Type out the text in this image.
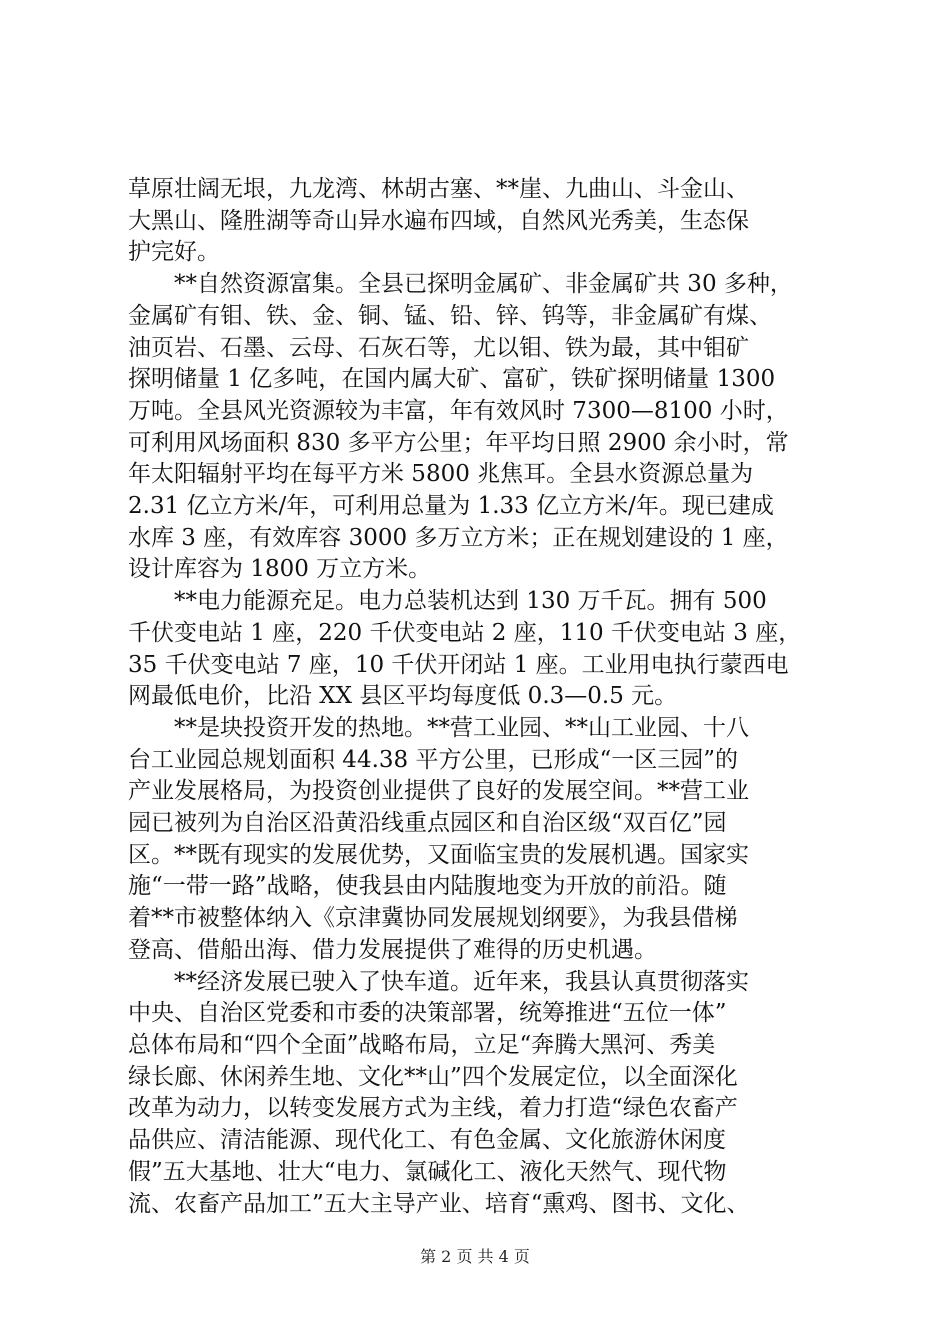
草原壮阔无垠，九龙湾、林胡古塞、**崖、九曲山、斗金山、
大黑山、隆胜湖等奇山异水遍布四域，自然风光秀美，生态保
护完好。

　　**自然资源富集。全县已探明金属矿、非金属矿共 30 多种，
金属矿有钼、铁、金、铜、锰、铅、锌、钨等，非金属矿有煤、
油页岩、石墨、云母、石灰石等，尤以钼、铁为最，其中钼矿
探明储量 1 亿多吨，在国内属大矿、富矿，铁矿探明储量 1300
万吨。全县风光资源较为丰富，年有效风时 7300—8100 小时，
可利用风场面积 830 多平方公里；年平均日照 2900 余小时，常
年太阳辐射平均在每平方米 5800 兆焦耳。全县水资源总量为
2.31 亿立方米/年，可利用总量为 1.33 亿立方米/年。现已建成
水库 3 座，有效库容 3000 多万立方米；正在规划建设的 1 座，
设计库容为 1800 万立方米。

　　**电力能源充足。电力总装机达到 130 万千瓦。拥有 500
千伏变电站 1 座，220 千伏变电站 2 座，110 千伏变电站 3 座，
35 千伏变电站 7 座，10 千伏开闭站 1 座。工业用电执行蒙西电
网最低电价，比沿 XX 县区平均每度低 0.3—0.5 元。

　　**是块投资开发的热地。**营工业园、**山工业园、十八
台工业园总规划面积 44.38 平方公里，已形成“一区三园”的
产业发展格局，为投资创业提供了良好的发展空间。**营工业
园已被列为自治区沿黄沿线重点园区和自治区级“双百亿”园
区。**既有现实的发展优势，又面临宝贵的发展机遇。国家实
施“一带一路”战略，使我县由内陆腹地变为开放的前沿。随
着**市被整体纳入《京津冀协同发展规划纲要》，为我县借梯
登高、借船出海、借力发展提供了难得的历史机遇。

　　**经济发展已驶入了快车道。近年来，我县认真贯彻落实
中央、自治区党委和市委的决策部署，统筹推进“五位一体”
总体布局和“四个全面”战略布局，立足“奔腾大黑河、秀美
绿长廊、休闲养生地、文化**山”四个发展定位，以全面深化
改革为动力，以转变发展方式为主线，着力打造“绿色农畜产
品供应、清洁能源、现代化工、有色金属、文化旅游休闲度
假”五大基地、壮大“电力、氯碱化工、液化天然气、现代物
流、农畜产品加工”五大主导产业、培育“熏鸡、图书、文化、

第 2 页 共 4 页
